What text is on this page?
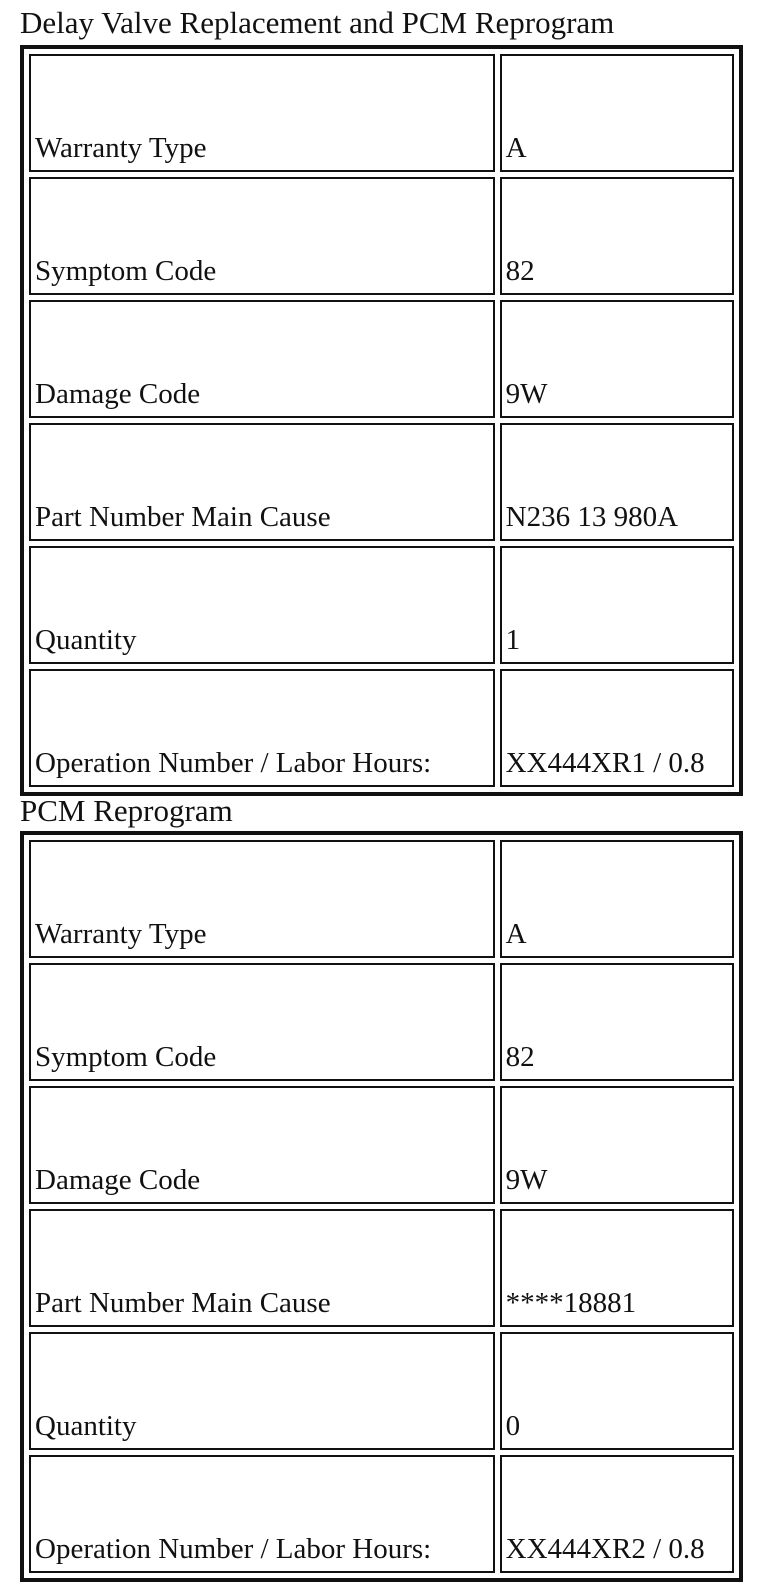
Delay Valve Replacement and PCM Reprogram
Warranty Type	A
Symptom Code	82
Damage Code	9W
Part Number Main Cause	N236 13 980A
Quantity	1
Operation Number / Labor Hours:	XX444XR1 / 0.8
PCM Reprogram
Warranty Type	A
Symptom Code	82
Damage Code	9W
Part Number Main Cause	****18881
Quantity	0
Operation Number / Labor Hours:	XX444XR2 / 0.8
